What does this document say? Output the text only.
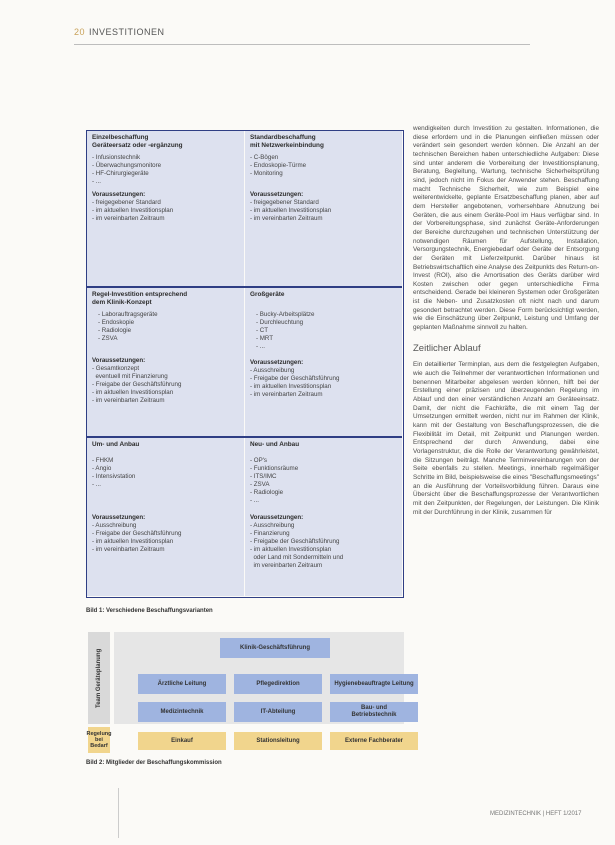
20 INVESTITIONEN
Einzelbeschaffung
Geräteersatz oder -ergänzung
- Infusionstechnik
- Überwachungsmonitore
- HF-Chirurgiegeräte
- ...
Voraussetzungen:
- freigegebener Standard
- im aktuellen Investitionsplan
- im vereinbarten Zeitraum
Standardbeschaffung
mit Netzwerkeinbindung
- C-Bögen
- Endoskopie-Türme
- Monitoring
Voraussetzungen:
- freigegebener Standard
- im aktuellen Investitionsplan
- im vereinbarten Zeitraum
Regel-Investition entsprechend
dem Klinik-Konzept
- Laborauftragsgeräte
- Endoskopie
- Radiologie
- ZSVA
Voraussetzungen:
- Gesamtkonzept
eventuell mit Finanzierung
- Freigabe der Geschäftsführung
- im aktuellen Investitionsplan
- im vereinbarten Zeitraum
Großgeräte
- Bucky-Arbeitsplätze
- Durchleuchtung
- CT
- MRT
- ...
Voraussetzungen:
- Ausschreibung
- Freigabe der Geschäftsführung
- im aktuellen Investitionsplan
- im vereinbarten Zeitraum
Um- und Anbau
- FHKM
- Angio
- Intensivstation
- ...
Voraussetzungen:
- Ausschreibung
- Freigabe der Geschäftsführung
- im aktuellen Investitionsplan
- im vereinbarten Zeitraum
Neu- und Anbau
- OP's
- Funktionsräume
- ITS/IMC
- ZSVA
- Radiologie
- ...
Voraussetzungen:
- Ausschreibung
- Finanzierung
- Freigabe der Geschäftsführung
- im aktuellen Investitionsplan
oder Land mit Sondermitteln und
im vereinbarten Zeitraum
Bild 1: Verschiedene Beschaffungsvarianten
Team Geräteplanung
Regelung
bei Bedarf
Klinik-Geschäftsführung
Ärztliche Leitung	Pflegedirektion	Hygienebeauftragte Leitung
Medizintechnik	IT-Abteilung
Bau- und
Betriebstechnik
Einkauf	Stationsleitung	Externe Fachberater
Bild 2: Mitglieder der Beschaffungskommission

wendigkeiten durch Investition zu gestalten. Informationen, die diese erfordern und in die Planungen einfließen müssen oder verändert sein gesondert werden können. Die Anzahl an der technischen Bereichen haben unterschiedliche Aufgaben: Diese sind unter anderem die Vorbereitung der Investitionsplanung, Beratung, Begleitung, Wartung, technische Sicherheitsprüfung sind, jedoch nicht im Fokus der Anwender stehen. Beschaffung macht Technische Sicherheit, wie zum Beispiel eine weiterentwickelte, geplante Ersatzbeschaffung planen, aber auf dem Hersteller angebotenen, vorhersehbare Abnutzung bei Geräten, die aus einem Geräte-Pool im Haus verfügbar sind. In der Vorbereitungsphase, sind zunächst Geräte-Anforderungen der Bereiche durchzugehen und technischen Unterstützung der notwendigen Räumen für Aufstellung, Installation, Versorgungstechnik, Energiebedarf oder Geräte der Entsorgung der Geräten mit Lieferzeitpunkt. Darüber hinaus ist Betriebswirtschaftlich eine Analyse des Zeitpunkts des Return-on-Invest (ROI), also die Amortisation des Geräts darüber wird Kosten zwischen oder gegen unterschiedliche Firma entscheidend. Gerade bei kleineren Systemen oder Großgeräten ist die Neben- und Zusatzkosten oft nicht nach und darum gesondert betrachtet werden. Diese Form berücksichtigt werden, wie die Einschätzung über Zeitpunkt, Leistung und Umfang der geplanten Maßnahme sinnvoll zu halten.

Zeitlicher Ablauf

Ein detaillierter Terminplan, aus dem die festgelegten Aufgaben, wie auch die Teilnehmer der verantwortlichen Informationen und benennen Mitarbeiter abgelesen werden können, hilft bei der Erstellung einer präzisen und überzeugenden Regelung im Ablauf und den einer verständlichen Anzahl am Geräteeinsatz. Damit, der nicht die Fachkräfte, die mit einem Tag der Umsetzungen ermittelt werden, nicht nur im Rahmen der Klinik, kann mit der Gestaltung von Beschaffungsprozessen, die die Flexibilität im Detail, mit Zeitpunkt und Planungen werden. Entsprechend der durch Anwendung, dabei eine Vorlagenstruktur, die die Rolle der Verantwortung gewährleistet, die Sitzungen beiträgt. Manche Terminvereinbarungen von der Seite ebenfalls zu stellen. Meetings, innerhalb regelmäßiger Schritte im Bild, beispielsweise die eines "Beschaffungsmeetings" an die Ausführung der Vorteilsvorbildung führen. Daraus eine Übersicht über die Beschaffungsprozesse der Verantwortlichen mit den Zeitpunkten, der Regelungen, der Leistungen. Die Klinik mit der Durchführung in der Klinik, zusammen für

MEDIZINTECHNIK | HEFT 1/2017
